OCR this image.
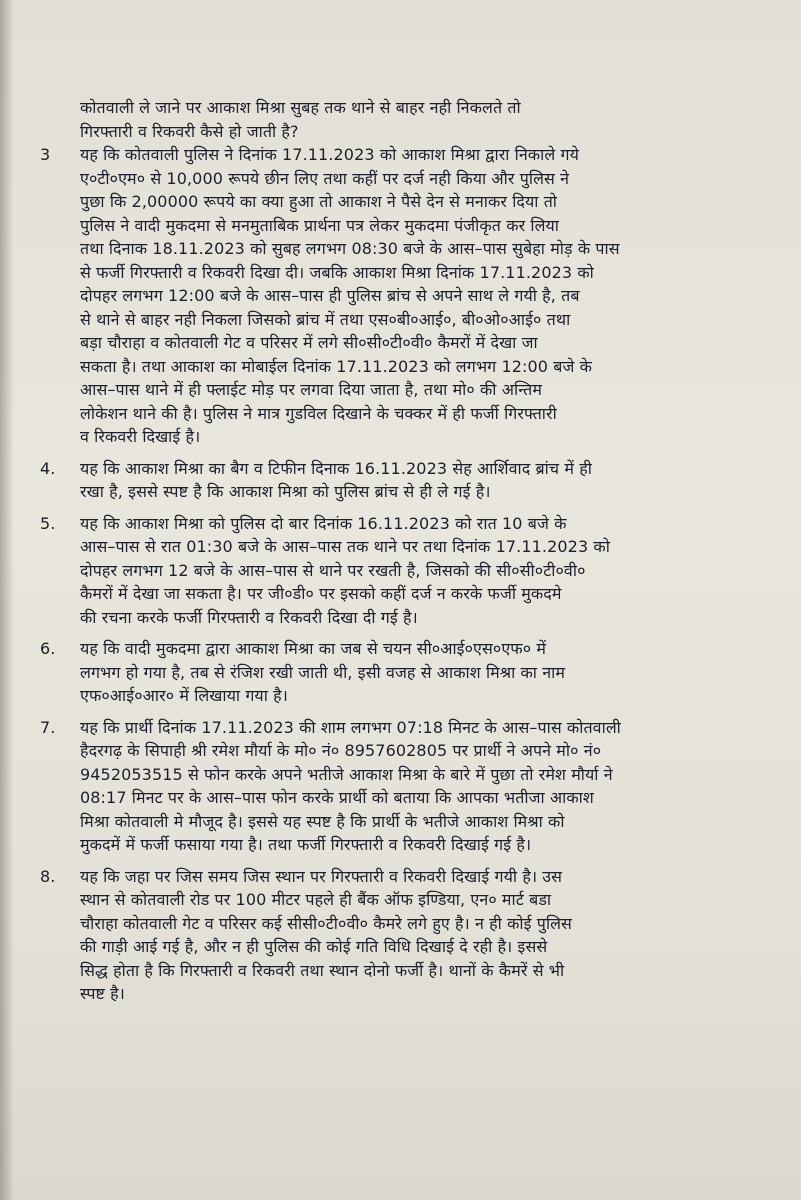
कोतवाली ले जाने पर आकाश मिश्रा सुबह तक थाने से बाहर नही निकलते तो
गिरफ्तारी व रिकवरी कैसे हो जाती है?
3 यह कि कोतवाली पुलिस ने दिनांक 17.11.2023 को आकाश मिश्रा द्वारा निकाले गये
ए०टी०एम० से 10,000 रूपये छीन लिए तथा कहीं पर दर्ज नही किया और पुलिस ने
पुछा कि 2,00000 रूपये का क्या हुआ तो आकाश ने पैसे देन से मनाकर दिया तो
पुलिस ने वादी मुकदमा से मनमुताबिक प्रार्थना पत्र लेकर मुकदमा पंजीकृत कर लिया
तथा दिनाक 18.11.2023 को सुबह लगभग 08:30 बजे के आस–पास सुबेहा मोड़ के पास
से फर्जी गिरफ्तारी व रिकवरी दिखा दी। जबकि आकाश मिश्रा दिनांक 17.11.2023 को
दोपहर लगभग 12:00 बजे के आस–पास ही पुलिस ब्रांच से अपने साथ ले गयी है, तब
से थाने से बाहर नही निकला जिसको ब्रांच में तथा एस०बी०आई०, बी०ओ०आई० तथा
बड़ा चौराहा व कोतवाली गेट व परिसर में लगे सी०सी०टी०वी० कैमरों में देखा जा
सकता है। तथा आकाश का मोबाईल दिनांक 17.11.2023 को लगभग 12:00 बजे के
आस–पास थाने में ही फ्लाईट मोड़ पर लगवा दिया जाता है, तथा मो० की अन्तिम
लोकेशन थाने की है। पुलिस ने मात्र गुडविल दिखाने के चक्कर में ही फर्जी गिरफ्तारी
व रिकवरी दिखाई है।
4. यह कि आकाश मिश्रा का बैग व टिफीन दिनाक 16.11.2023 सेह आर्शिवाद ब्रांच में ही
रखा है, इससे स्पष्ट है कि आकाश मिश्रा को पुलिस ब्रांच से ही ले गई है।
5. यह कि आकाश मिश्रा को पुलिस दो बार दिनांक 16.11.2023 को रात 10 बजे के
आस–पास से रात 01:30 बजे के आस–पास तक थाने पर तथा दिनांक 17.11.2023 को
दोपहर लगभग 12 बजे के आस–पास से थाने पर रखती है, जिसको की सी०सी०टी०वी०
कैमरों में देखा जा सकता है। पर जी०डी० पर इसको कहीं दर्ज न करके फर्जी मुकदमे
की रचना करके फर्जी गिरफ्तारी व रिकवरी दिखा दी गई है।
6. यह कि वादी मुकदमा द्वारा आकाश मिश्रा का जब से चयन सी०आई०एस०एफ० में
लगभग हो गया है, तब से रंजिश रखी जाती थी, इसी वजह से आकाश मिश्रा का नाम
एफ०आई०आर० में लिखाया गया है।
7. यह कि प्रार्थी दिनांक 17.11.2023 की शाम लगभग 07:18 मिनट के आस–पास कोतवाली
हैदरगढ़ के सिपाही श्री रमेश मौर्या के मो० नं० 8957602805 पर प्रार्थी ने अपने मो० नं०
9452053515 से फोन करके अपने भतीजे आकाश मिश्रा के बारे में पुछा तो रमेश मौर्या ने
08:17 मिनट पर के आस–पास फोन करके प्रार्थी को बताया कि आपका भतीजा आकाश
मिश्रा कोतवाली मे मौजूद है। इससे यह स्पष्ट है कि प्रार्थी के भतीजे आकाश मिश्रा को
मुकदमें में फर्जी फसाया गया है। तथा फर्जी गिरफ्तारी व रिकवरी दिखाई गई है।
8. यह कि जहा पर जिस समय जिस स्थान पर गिरफ्तारी व रिकवरी दिखाई गयी है। उस
स्थान से कोतवाली रोड पर 100 मीटर पहले ही बैंक ऑफ इण्डिया, एन० मार्ट बडा
चौराहा कोतवाली गेट व परिसर कई सीसी०टी०वी० कैमरे लगे हुए है। न ही कोई पुलिस
की गाड़ी आई गई है, और न ही पुलिस की कोई गति विधि दिखाई दे रही है। इससे
सिद्ध होता है कि गिरफ्तारी व रिकवरी तथा स्थान दोनो फर्जी है। थानों के कैमरें से भी
स्पष्ट है।
